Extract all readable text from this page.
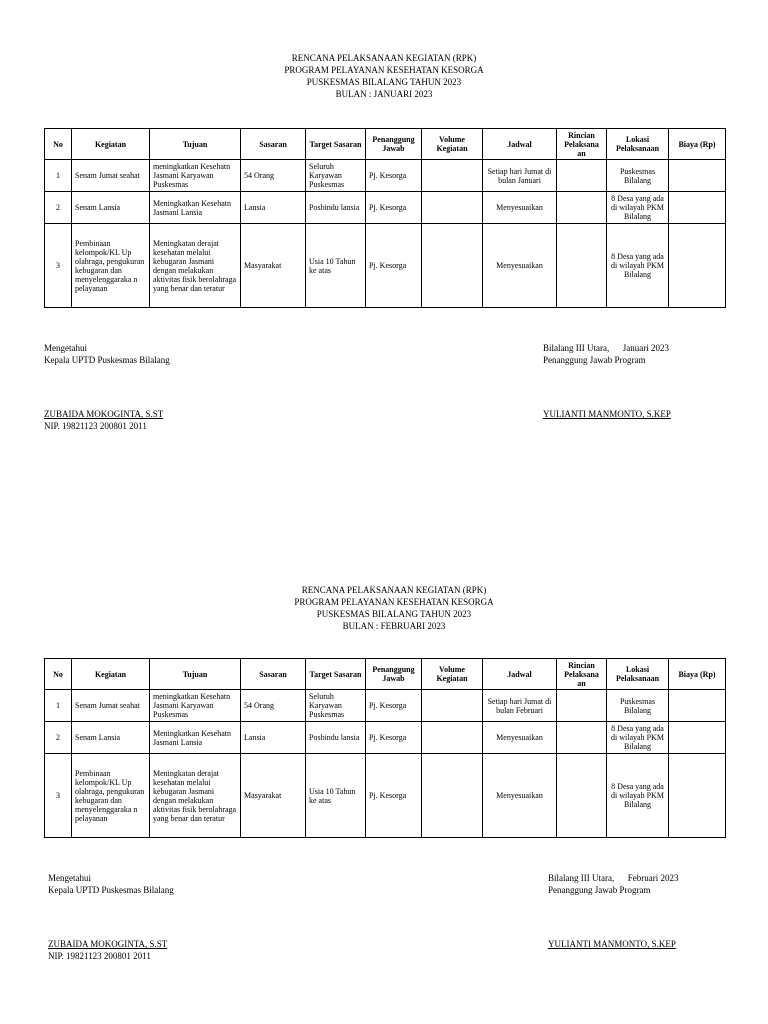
RENCANA PELAKSANAAN KEGIATAN (RPK)
PROGRAM PELAYANAN KESEHATAN KESORGA
PUSKESMAS BILALANG TAHUN 2023
BULAN : JANUARI 2023
No	Kegiatan	Tujuan	Sasaran	Target Sasaran	Penanggung Jawab	Volume Kegiatan	Jadwal	Rincian Pelaksana an	Lokasi Pelaksanaan	Biaya (Rp)
1	Senam Jumat seahat	meningkatkan Kesehatn Jasmani Karyawan Puskesmas	54 Orang	Seluruh Karyawan Puskesmas	Pj. Kesorga		Setiap hari Jumat di bulan Januari		Puskesmas Bilalang	
2	Senam Lansia	Meningkatkan Kesehatn Jasmani Lansia	Lansia	Posbindu lansia	Pj. Kesorga		Menyesuaikan		8 Desa yang ada di wilayah PKM Bilalang	
3	Pembinaan kelompok/KL Up olahraga, pengukuran kebugaran dan menyelenggaraka n pelayanan	Meningkatan derajat kesehatan melalui kebugaran Jasmani dengan melakukan aktivitas fisik berolahraga yang benar dan teratur	Masyarakat	Usia 10 Tahun ke atas	Pj. Kesorga		Menyesuaikan		8 Desa yang ada di wilayah PKM Bilalang	
Mengetahui
Kepala UPTD Puskesmas Bilalang
ZUBAIDA MOKOGINTA, S.ST
NIP. 19821123 200801 2011
Bilalang III Utara,      Januari 2023
Penanggung Jawab Program
YULIANTI MANMONTO, S.KEP
RENCANA PELAKSANAAN KEGIATAN (RPK)
PROGRAM PELAYANAN KESEHATAN KESORGA
PUSKESMAS BILALANG TAHUN 2023
BULAN : FEBRUARI 2023
No	Kegiatan	Tujuan	Sasaran	Target Sasaran	Penanggung Jawab	Volume Kegiatan	Jadwal	Rincian Pelaksana an	Lokasi Pelaksanaan	Biaya (Rp)
1	Senam Jumat seahat	meningkatkan Kesehatn Jasmani Karyawan Puskesmas	54 Orang	Seluruh Karyawan Puskesmas	Pj. Kesorga		Setiap hari Jumat di bulan Februari		Puskesmas Bilalang	
2	Senam Lansia	Meningkatkan Kesehatn Jasmani Lansia	Lansia	Posbindu lansia	Pj. Kesorga		Menyesuaikan		8 Desa yang ada di wilayah PKM Bilalang	
3	Pembinaan kelompok/KL Up olahraga, pengukuran kebugaran dan menyelenggaraka n pelayanan	Meningkatan derajat kesehatan melalui kebugaran Jasmani dengan melakukan aktivitas fisik berolahraga yang benar dan teratur	Masyarakat	Usia 10 Tahun ke atas	Pj. Kesorga		Menyesuaikan		8 Desa yang ada di wilayah PKM Bilalang	
Mengetahui
Kepala UPTD Puskesmas Bilalang
ZUBAIDA MOKOGINTA, S.ST
NIP. 19821123 200801 2011
Bilalang III Utara,      Februari 2023
Penanggung Jawab Program
YULIANTI MANMONTO, S.KEP
